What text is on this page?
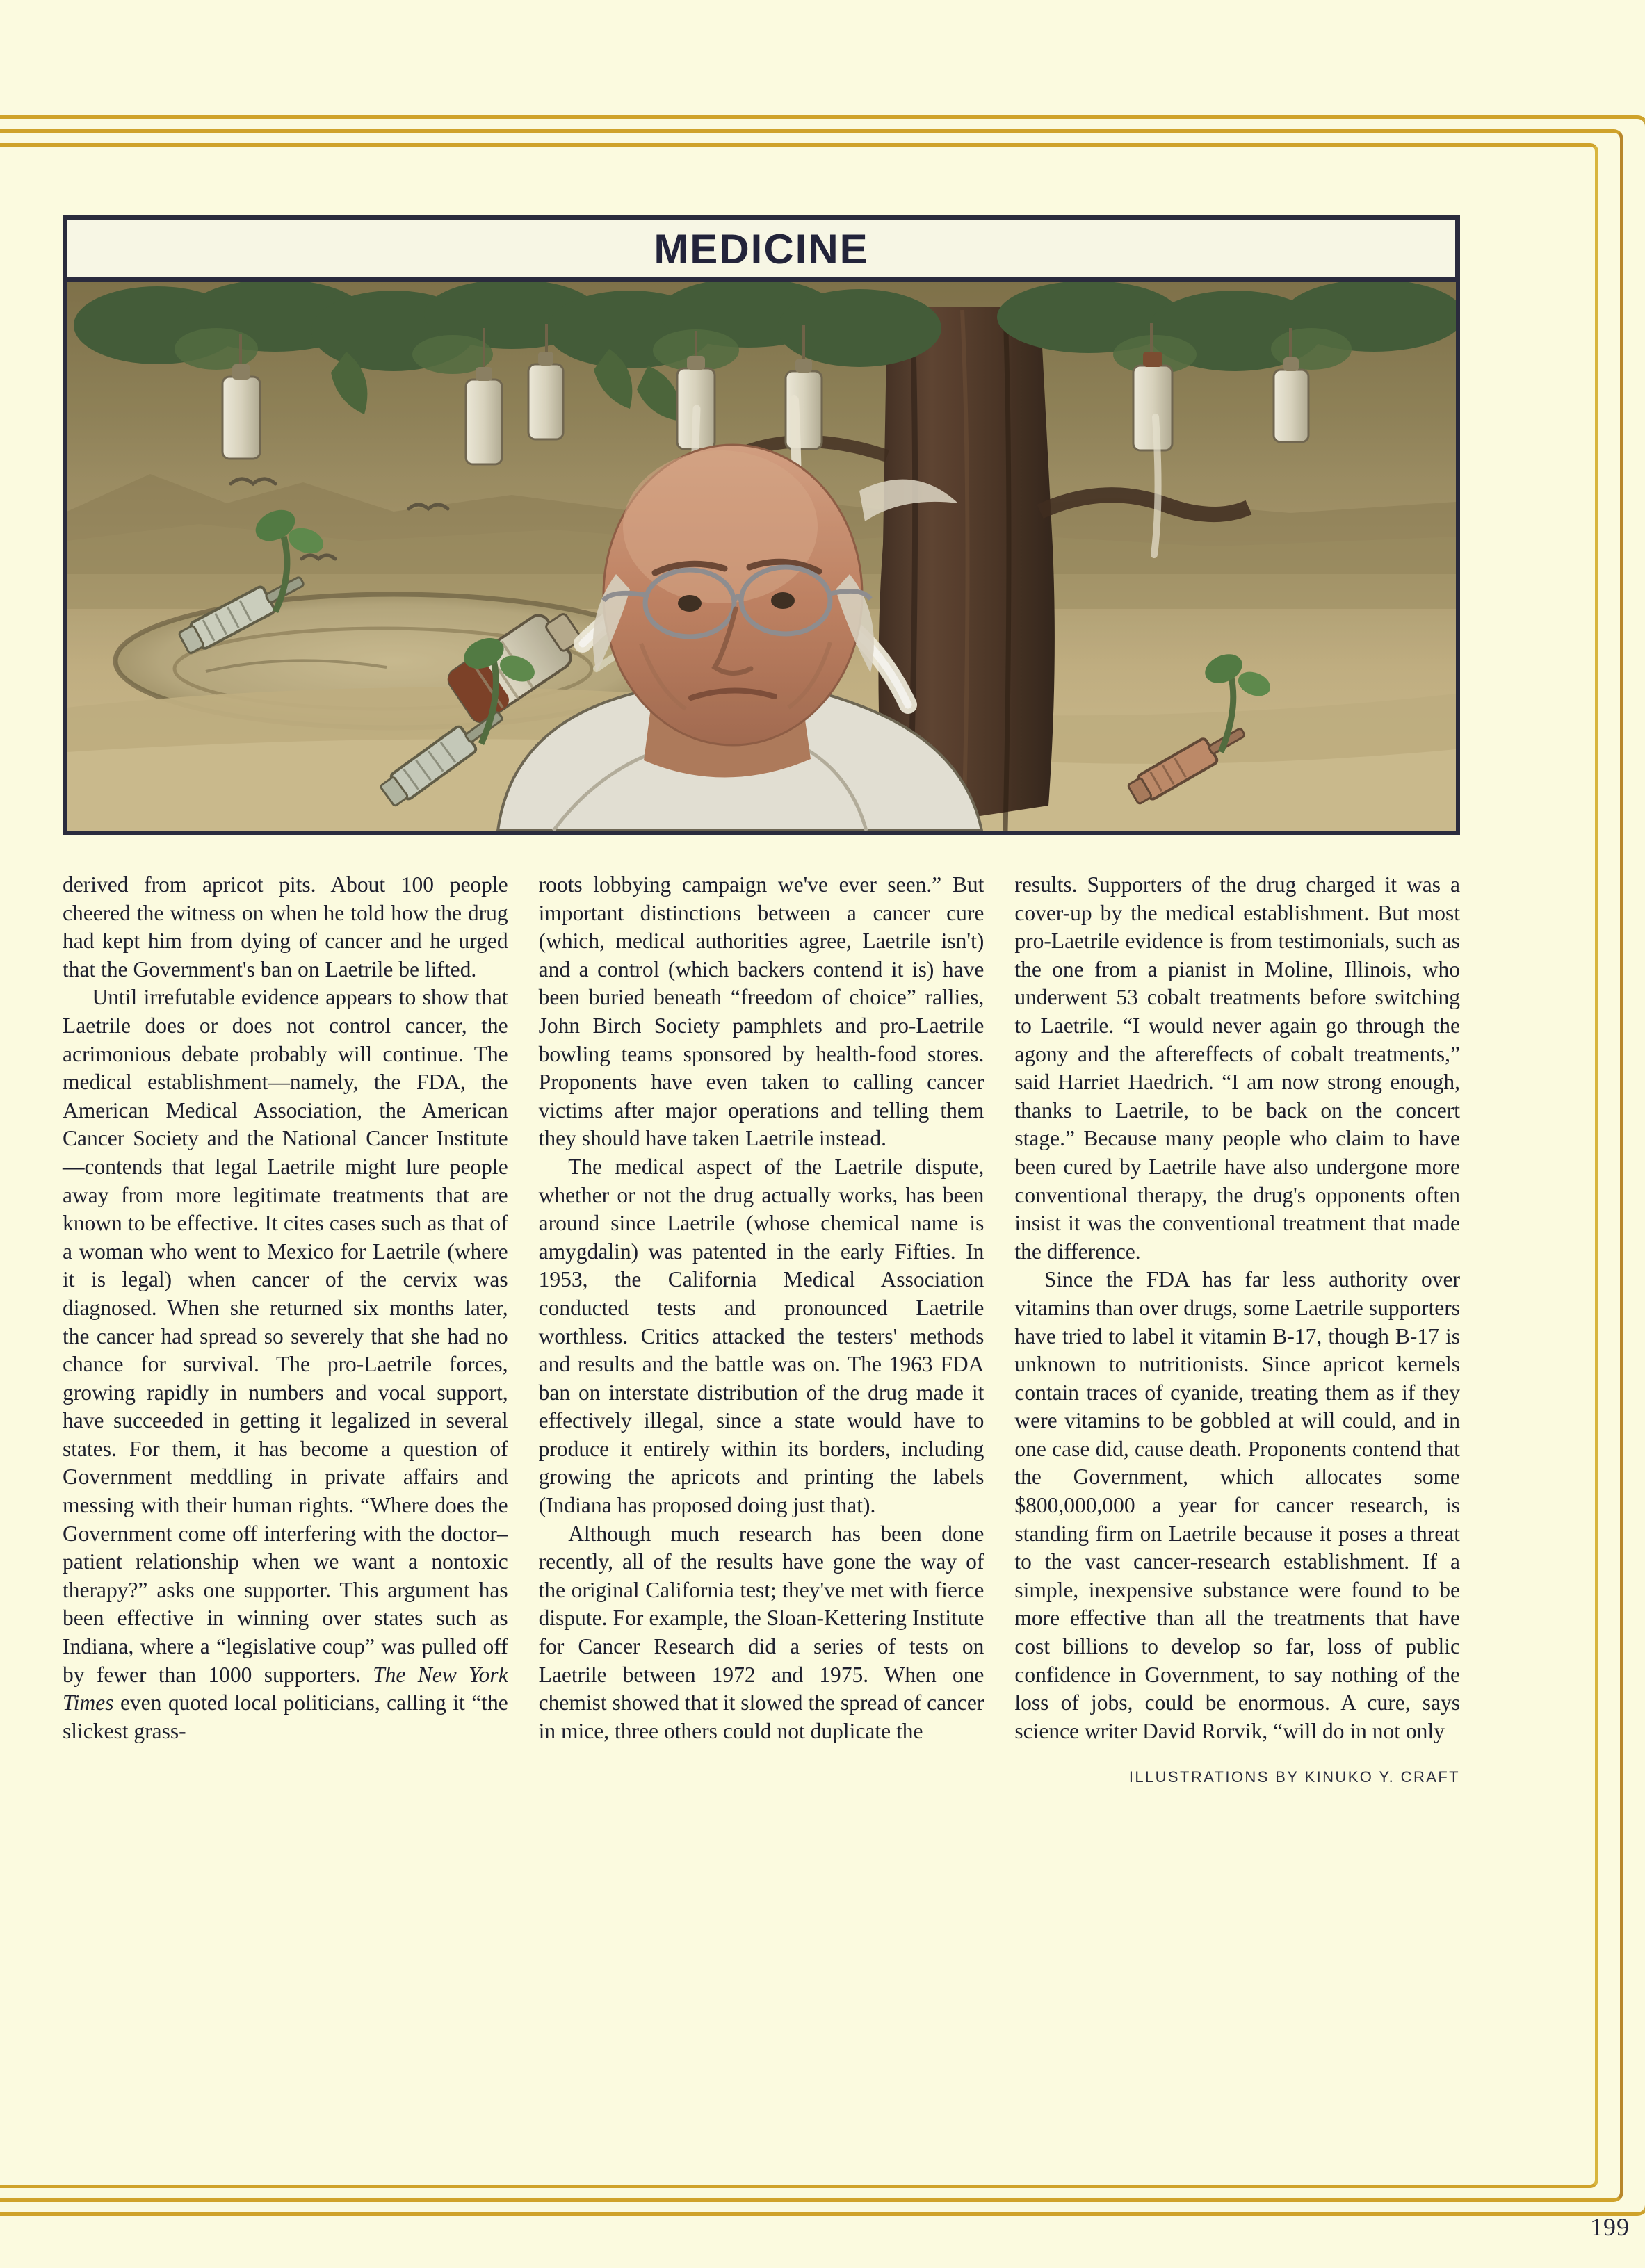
MEDICINE

derived from apricot pits. About 100 people cheered the witness on when he told how the drug had kept him from dying of cancer and he urged that the Government's ban on Laetrile be lifted.

Until irrefutable evidence appears to show that Laetrile does or does not control cancer, the acrimonious debate probably will continue. The medical establishment—namely, the FDA, the American Medical Association, the American Cancer Society and the National Cancer Institute—contends that legal Laetrile might lure people away from more legitimate treatments that are known to be effective. It cites cases such as that of a woman who went to Mexico for Laetrile (where it is legal) when cancer of the cervix was diagnosed. When she returned six months later, the cancer had spread so severely that she had no chance for survival. The pro-Laetrile forces, growing rapidly in numbers and vocal support, have succeeded in getting it legalized in several states. For them, it has become a question of Government meddling in private affairs and messing with their human rights. “Where does the Government come off interfering with the doctor–patient relationship when we want a nontoxic therapy?” asks one supporter. This argument has been effective in winning over states such as Indiana, where a “legislative coup” was pulled off by fewer than 1000 supporters. The New York Times even quoted local politicians, calling it “the slickest grass-

roots lobbying campaign we've ever seen.” But important distinctions between a cancer cure (which, medical authorities agree, Laetrile isn't) and a control (which backers contend it is) have been buried beneath “freedom of choice” rallies, John Birch Society pamphlets and pro-Laetrile bowling teams sponsored by health-food stores. Proponents have even taken to calling cancer victims after major operations and telling them they should have taken Laetrile instead.

The medical aspect of the Laetrile dispute, whether or not the drug actually works, has been around since Laetrile (whose chemical name is amygdalin) was patented in the early Fifties. In 1953, the California Medical Association conducted tests and pronounced Laetrile worthless. Critics attacked the testers' methods and results and the battle was on. The 1963 FDA ban on interstate distribution of the drug made it effectively illegal, since a state would have to produce it entirely within its borders, including growing the apricots and printing the labels (Indiana has proposed doing just that).

Although much research has been done recently, all of the results have gone the way of the original California test; they've met with fierce dispute. For example, the Sloan-Kettering Institute for Cancer Research did a series of tests on Laetrile between 1972 and 1975. When one chemist showed that it slowed the spread of cancer in mice, three others could not duplicate the

results. Supporters of the drug charged it was a cover-up by the medical establishment. But most pro-Laetrile evidence is from testimonials, such as the one from a pianist in Moline, Illinois, who underwent 53 cobalt treatments before switching to Laetrile. “I would never again go through the agony and the aftereffects of cobalt treatments,” said Harriet Haedrich. “I am now strong enough, thanks to Laetrile, to be back on the concert stage.” Because many people who claim to have been cured by Laetrile have also undergone more conventional therapy, the drug's opponents often insist it was the conventional treatment that made the difference.

Since the FDA has far less authority over vitamins than over drugs, some Laetrile supporters have tried to label it vitamin B-17, though B-17 is unknown to nutritionists. Since apricot kernels contain traces of cyanide, treating them as if they were vitamins to be gobbled at will could, and in one case did, cause death. Proponents contend that the Government, which allocates some $800,000,000 a year for cancer research, is standing firm on Laetrile because it poses a threat to the vast cancer-research establishment. If a simple, inexpensive substance were found to be more effective than all the treatments that have cost billions to develop so far, loss of public confidence in Government, to say nothing of the loss of jobs, could be enormous. A cure, says science writer David Rorvik, “will do in not only

ILLUSTRATIONS BY KINUKO Y. CRAFT
199
